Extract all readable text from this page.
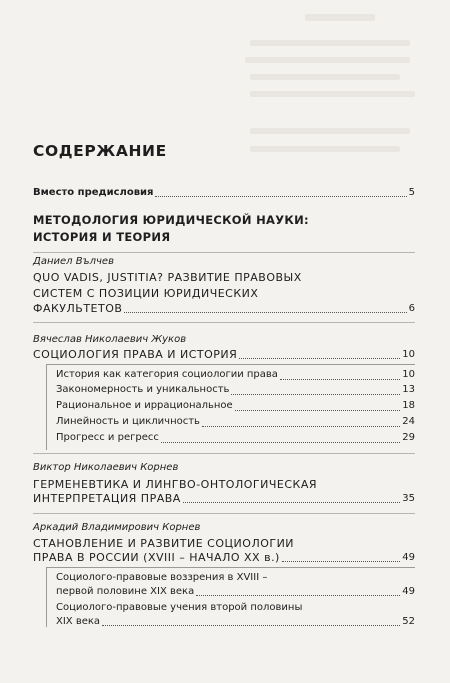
СОДЕРЖАНИЕ
Вместо предисловия	5
МЕТОДОЛОГИЯ ЮРИДИЧЕСКОЙ НАУКИ:
ИСТОРИЯ И ТЕОРИЯ
Даниел Вълчев
QUO VADIS, JUSTITIA? РАЗВИТИЕ ПРАВОВЫХ
СИСТЕМ С ПОЗИЦИИ ЮРИДИЧЕСКИХ
ФАКУЛЬТЕТОВ	6
Вячеслав Николаевич Жуков
СОЦИОЛОГИЯ ПРАВА И ИСТОРИЯ	10
История как категория социологии права	10
Закономерность и уникальность	13
Рациональное и иррациональное	18
Линейность и цикличность	24
Прогресс и регресс	29
Виктор Николаевич Корнев
ГЕРМЕНЕВТИКА И ЛИНГВО-ОНТОЛОГИЧЕСКАЯ
ИНТЕРПРЕТАЦИЯ ПРАВА	35
Аркадий Владимирович Корнев
СТАНОВЛЕНИЕ И РАЗВИТИЕ СОЦИОЛОГИИ
ПРАВА В РОССИИ (XVIII – НАЧАЛО XX в.)	49
Социолого-правовые воззрения в XVIII –
первой половине XIX века	49
Социолого-правовые учения второй половины
XIX века	52
